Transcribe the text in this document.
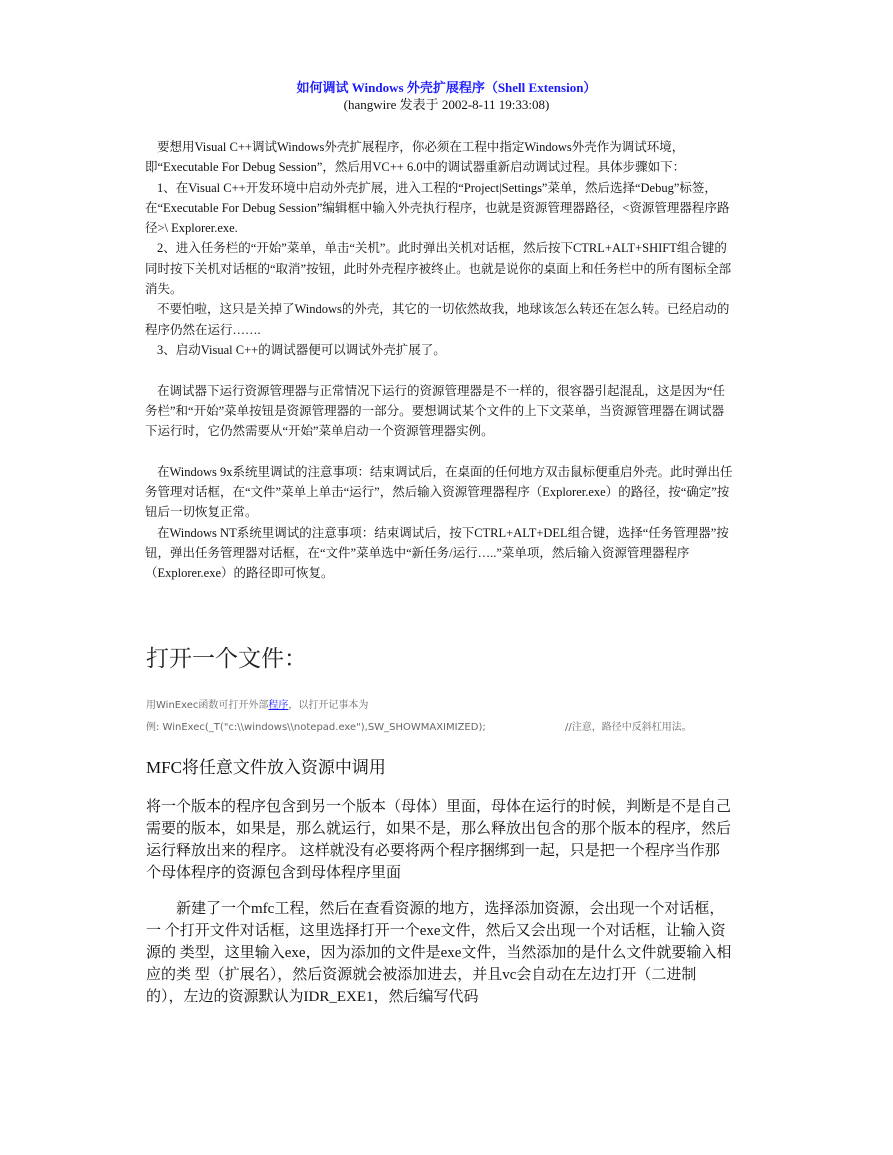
如何调试 Windows 外壳扩展程序（Shell Extension）
(hangwire 发表于 2002-8-11 19:33:08)

要想用Visual C++调试Windows外壳扩展程序，你必须在工程中指定Windows外壳作为调试环境，即“Executable For Debug Session”，然后用VC++ 6.0中的调试器重新启动调试过程。具体步骤如下：

1、在Visual C++开发环境中启动外壳扩展，进入工程的“Project|Settings”菜单，然后选择“Debug”标签，在“Executable For Debug Session”编辑框中输入外壳执行程序，也就是资源管理器路径，<资源管理器程序路径>\ Explorer.exe.

2、进入任务栏的“开始”菜单，单击“关机”。此时弹出关机对话框，然后按下CTRL+ALT+SHIFT组合键的同时按下关机对话框的“取消”按钮，此时外壳程序被终止。也就是说你的桌面上和任务栏中的所有图标全部消失。

不要怕啦，这只是关掉了Windows的外壳，其它的一切依然故我，地球该怎么转还在怎么转。已经启动的程序仍然在运行…….

3、启动Visual C++的调试器便可以调试外壳扩展了。

在调试器下运行资源管理器与正常情况下运行的资源管理器是不一样的，很容器引起混乱，这是因为“任务栏”和“开始”菜单按钮是资源管理器的一部分。要想调试某个文件的上下文菜单，当资源管理器在调试器下运行时，它仍然需要从“开始”菜单启动一个资源管理器实例。

在Windows 9x系统里调试的注意事项：结束调试后，在桌面的任何地方双击鼠标便重启外壳。此时弹出任务管理对话框，在“文件”菜单上单击“运行”，然后输入资源管理器程序（Explorer.exe）的路径，按“确定”按钮后一切恢复正常。

在Windows NT系统里调试的注意事项：结束调试后，按下CTRL+ALT+DEL组合键，选择“任务管理器”按钮，弹出任务管理器对话框，在“文件”菜单选中“新任务/运行…..”菜单项，然后输入资源管理器程序（Explorer.exe）的路径即可恢复。

打开一个文件：
用WinExec函数可打开外部程序，以打开记事本为
例: WinExec(_T("c:\\windows\\notepad.exe"),SW_SHOWMAXIMIZED);	//注意，路径中反斜杠用法。
MFC将任意文件放入资源中调用

将一个版本的程序包含到另一个版本（母体）里面，母体在运行的时候，判断是不是自己需要的版本，如果是，那么就运行，如果不是，那么释放出包含的那个版本的程序，然后运行释放出来的程序。 这样就没有必要将两个程序捆绑到一起，只是把一个程序当作那个母体程序的资源包含到母体程序里面

新建了一个mfc工程，然后在查看资源的地方，选择添加资源，会出现一个对话框，一 个打开文件对话框，这里选择打开一个exe文件，然后又会出现一个对话框，让输入资源的 类型，这里输入exe，因为添加的文件是exe文件，当然添加的是什么文件就要输入相应的类 型（扩展名），然后资源就会被添加进去，并且vc会自动在左边打开（二进制的），左边的资源默认为IDR_EXE1，然后编写代码
